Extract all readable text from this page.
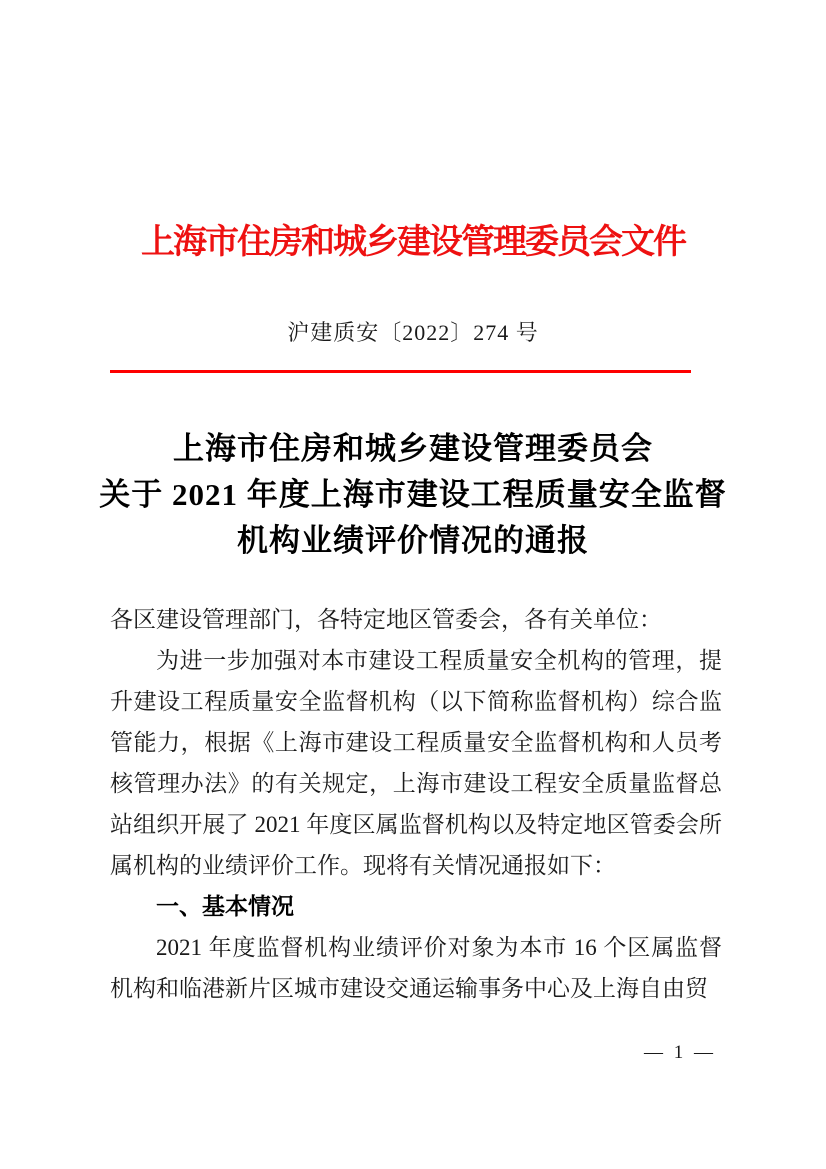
上海市住房和城乡建设管理委员会文件
沪建质安〔2022〕274 号
上海市住房和城乡建设管理委员会
关于 2021 年度上海市建设工程质量安全监督
机构业绩评价情况的通报

各区建设管理部门，各特定地区管委会，各有关单位：

为进一步加强对本市建设工程质量安全机构的管理，提升建设工程质量安全监督机构（以下简称监督机构）综合监管能力，根据《上海市建设工程质量安全监督机构和人员考核管理办法》的有关规定，上海市建设工程安全质量监督总站组织开展了 2021 年度区属监督机构以及特定地区管委会所属机构的业绩评价工作。现将有关情况通报如下：

一、基本情况

2021 年度监督机构业绩评价对象为本市 16 个区属监督机构和临港新片区城市建设交通运输事务中心及上海自由贸

— 1 —
